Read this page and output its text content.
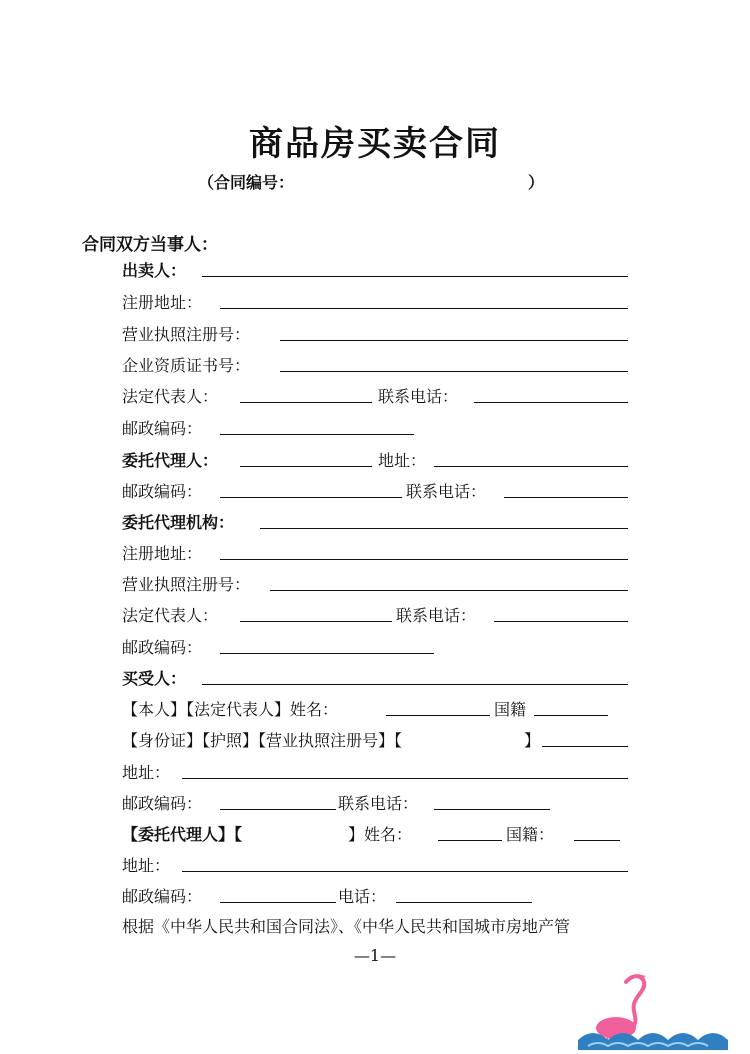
商品房买卖合同
（合同编号：	）
合同双方当事人：
出卖人：
注册地址：
营业执照注册号：
企业资质证书号：
法定代表人：	联系电话：
邮政编码：
委托代理人：	地址：
邮政编码：	联系电话：
委托代理机构：
注册地址：
营业执照注册号：
法定代表人：	联系电话：
邮政编码：
买受人：
【本人】【法定代表人】姓名：	国籍
【身份证】【护照】【营业执照注册号】【	】
地址：
邮政编码：	联系电话：
【委托代理人】【	】姓名：	国籍：
地址：
邮政编码：	电话：
根据《中华人民共和国合同法》、《中华人民共和国城市房地产管
—1—
